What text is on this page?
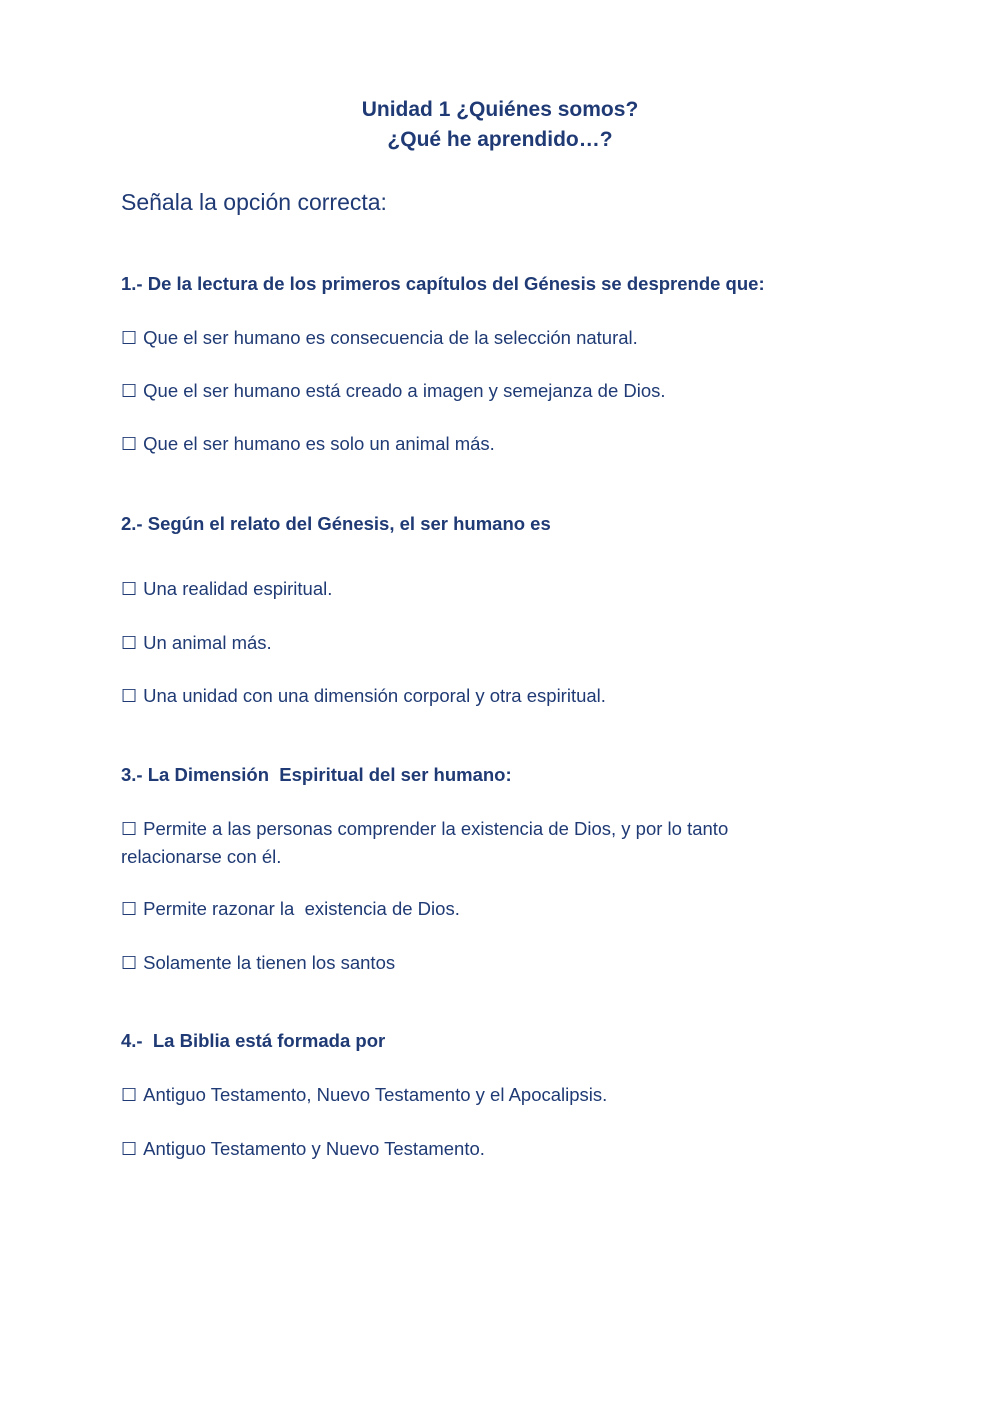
Unidad 1 ¿Quiénes somos?
¿Qué he aprendido…?
Señala la opción correcta:
1.- De la lectura de los primeros capítulos del Génesis se desprende que:
☐ Que el ser humano es consecuencia de la selección natural.
☐ Que el ser humano está creado a imagen y semejanza de Dios.
☐ Que el ser humano es solo un animal más.
2.- Según el relato del Génesis, el ser humano es
☐ Una realidad espiritual.
☐ Un animal más.
☐ Una unidad con una dimensión corporal y otra espiritual.
3.- La Dimensión  Espiritual del ser humano:
☐ Permite a las personas comprender la existencia de Dios, y por lo tanto relacionarse con él.
☐ Permite razonar la  existencia de Dios.
☐ Solamente la tienen los santos
4.-  La Biblia está formada por
☐ Antiguo Testamento, Nuevo Testamento y el Apocalipsis.
☐ Antiguo Testamento y Nuevo Testamento.
